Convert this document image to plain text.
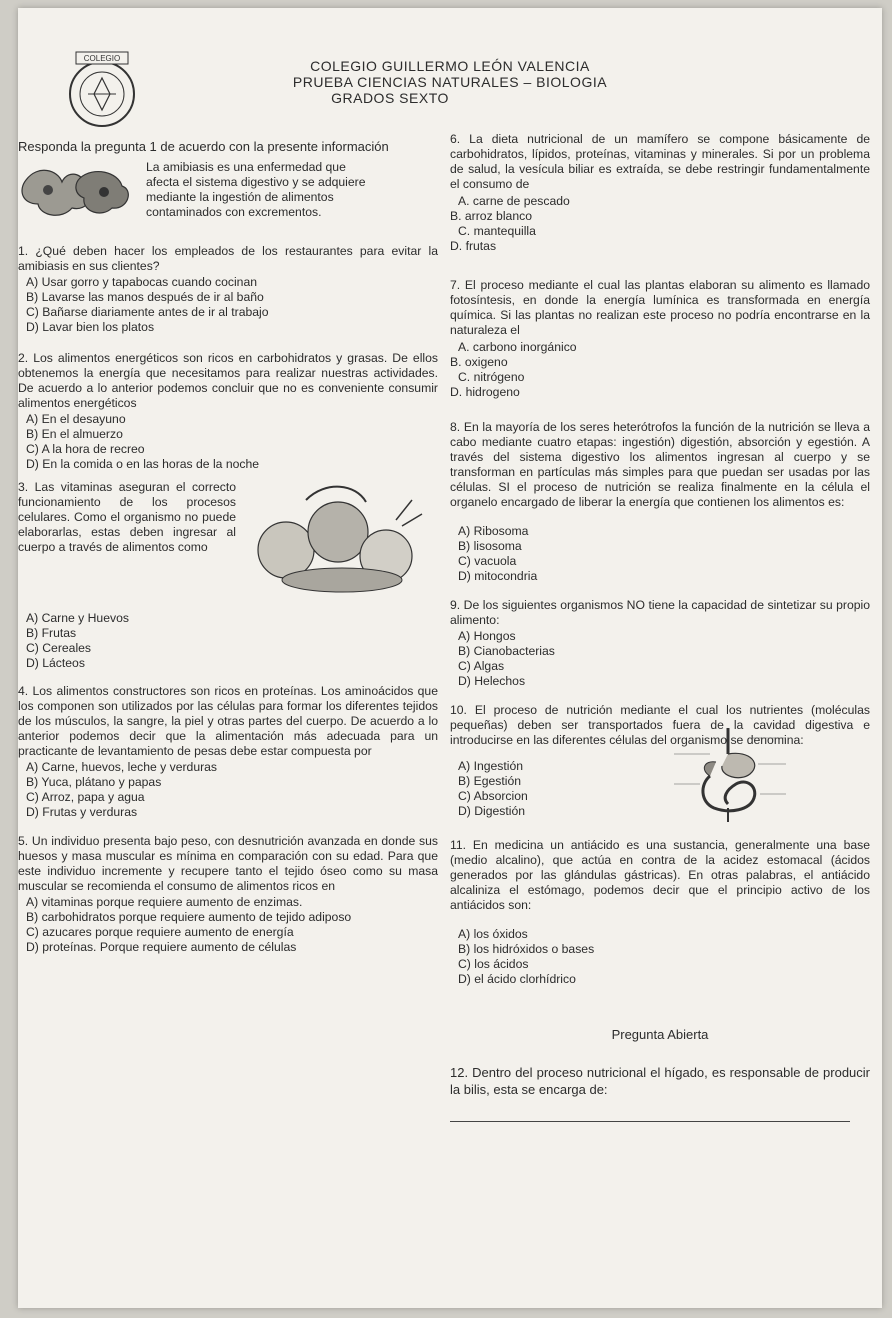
COLEGIO	COLEGIO GUILLERMO LEÓN VALENCIA
PRUEBA CIENCIAS NATURALES – BIOLOGIA
GRADOS SEXTO

Responda la pregunta 1 de acuerdo con la presente información

La amibiasis es una enfermedad que afecta el sistema digestivo y se adquiere mediante la ingestión de alimentos contaminados con excrementos.

1. ¿Qué deben hacer los empleados de los restaurantes para evitar la amibiasis en sus clientes?

A) Usar gorro y tapabocas cuando cocinan
B) Lavarse las manos después de ir al baño
C) Bañarse diariamente antes de ir al trabajo
D) Lavar bien los platos

2. Los alimentos energéticos son ricos en carbohidratos y grasas. De ellos obtenemos la energía que necesitamos para realizar nuestras actividades. De acuerdo a lo anterior podemos concluir que no es conveniente consumir alimentos energéticos

A) En el desayuno
B) En el almuerzo
C) A la hora de recreo
D) En la comida o en las horas de la noche

3. Las vitaminas aseguran el correcto funcionamiento de los procesos celulares. Como el organismo no puede elaborarlas, estas deben ingresar al cuerpo a través de alimentos como

A) Carne y Huevos
B) Frutas
C) Cereales
D) Lácteos

4. Los alimentos constructores son ricos en proteínas. Los aminoácidos que los componen son utilizados por las células para formar los diferentes tejidos de los músculos, la sangre, la piel y otras partes del cuerpo. De acuerdo a lo anterior podemos decir que la alimentación más adecuada para un practicante de levantamiento de pesas debe estar compuesta por

A) Carne, huevos, leche y verduras
B) Yuca, plátano y papas
C) Arroz, papa y agua
D) Frutas y verduras

5. Un individuo presenta bajo peso, con desnutrición avanzada en donde sus huesos y masa muscular es mínima en comparación con su edad. Para que este individuo incremente y recupere tanto el tejido óseo como su masa muscular se recomienda el consumo de alimentos ricos en

A) vitaminas porque requiere aumento de enzimas.
B) carbohidratos porque requiere aumento de tejido adiposo
C) azucares porque requiere aumento de energía
D) proteínas. Porque requiere aumento de células

6. La dieta nutricional de un mamífero se compone básicamente de carbohidratos, lípidos, proteínas, vitaminas y minerales. Si por un problema de salud, la vesícula biliar es extraída, se debe restringir fundamentalmente el consumo de

A. carne de pescado
B. arroz blanco
C. mantequilla
D. frutas

7. El proceso mediante el cual las plantas elaboran su alimento es llamado fotosíntesis, en donde la energía lumínica es transformada en energía química. Si las plantas no realizan este proceso no podría encontrarse en la naturaleza el

A. carbono inorgánico
B. oxigeno
C. nitrógeno
D. hidrogeno

8. En la mayoría de los seres heterótrofos la función de la nutrición se lleva a cabo mediante cuatro etapas: ingestión) digestión, absorción y egestión. A través del sistema digestivo los alimentos ingresan al cuerpo y se transforman en partículas más simples para que puedan ser usadas por las células. SI el proceso de nutrición se realiza finalmente en la célula el organelo encargado de liberar la energía que contienen los alimentos es:

A) Ribosoma
B) lisosoma
C) vacuola
D) mitocondria

9. De los siguientes organismos NO tiene la capacidad de sintetizar su propio alimento:

A) Hongos
B) Cianobacterias
C) Algas
D) Helechos

10. El proceso de nutrición mediante el cual los nutrientes (moléculas pequeñas) deben ser transportados fuera de la cavidad digestiva e introducirse en las diferentes células del organismo se denomina:

A) Ingestión
B) Egestión
C) Absorcion
D) Digestión

11. En medicina un antiácido es una sustancia, generalmente una base (medio alcalino), que actúa en contra de la acidez estomacal (ácidos generados por las glándulas gástricas). En otras palabras, el antiácido alcaliniza el estómago, podemos decir que el principio activo de los antiácidos son:

A) los óxidos
B) los hidróxidos o bases
C) los ácidos
D) el ácido clorhídrico
Pregunta Abierta

12. Dentro del proceso nutricional el hígado, es responsable de producir la bilis, esta se encarga de:
